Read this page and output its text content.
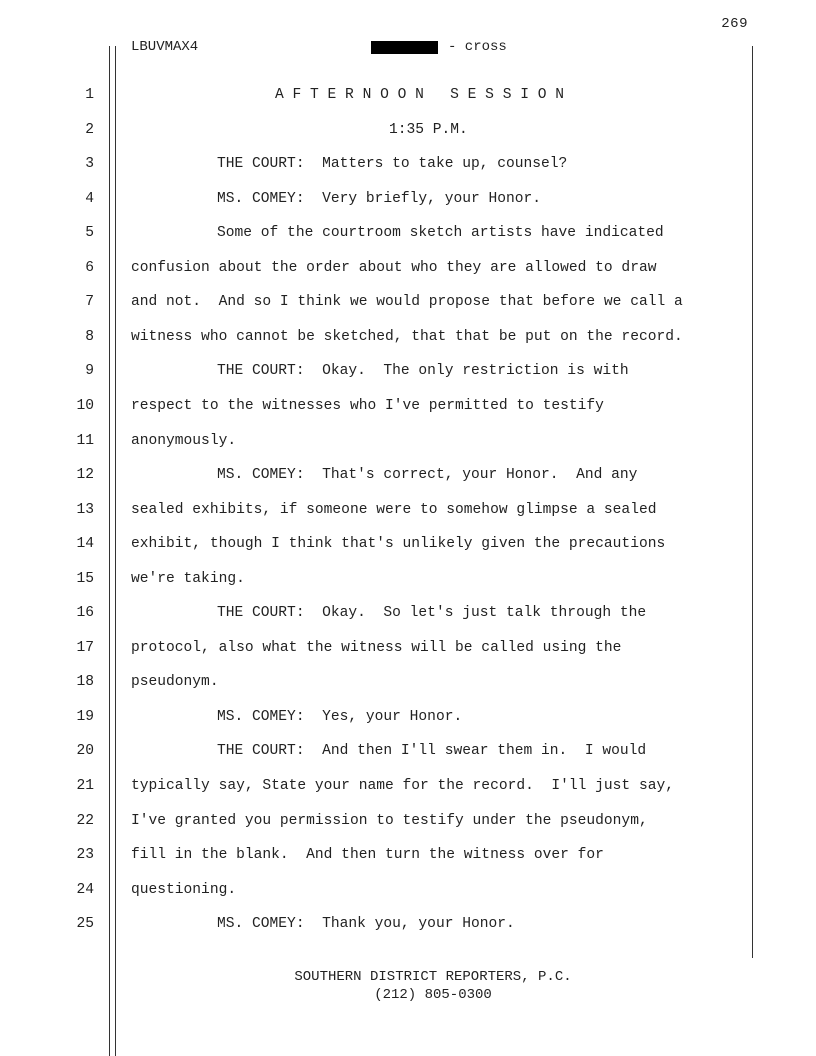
269
LBUVMAX4	- cross
1	A F T E R N O O N   S E S S I O N
2	1:35 P.M.
3	THE COURT:  Matters to take up, counsel?
4	MS. COMEY:  Very briefly, your Honor.
5	Some of the courtroom sketch artists have indicated
6	confusion about the order about who they are allowed to draw
7	and not.  And so I think we would propose that before we call a
8	witness who cannot be sketched, that that be put on the record.
9	THE COURT:  Okay.  The only restriction is with
10	respect to the witnesses who I've permitted to testify
11	anonymously.
12	MS. COMEY:  That's correct, your Honor.  And any
13	sealed exhibits, if someone were to somehow glimpse a sealed
14	exhibit, though I think that's unlikely given the precautions
15	we're taking.
16	THE COURT:  Okay.  So let's just talk through the
17	protocol, also what the witness will be called using the
18	pseudonym.
19	MS. COMEY:  Yes, your Honor.
20	THE COURT:  And then I'll swear them in.  I would
21	typically say, State your name for the record.  I'll just say,
22	I've granted you permission to testify under the pseudonym,
23	fill in the blank.  And then turn the witness over for
24	questioning.
25	MS. COMEY:  Thank you, your Honor.
SOUTHERN DISTRICT REPORTERS, P.C.
(212) 805-0300
